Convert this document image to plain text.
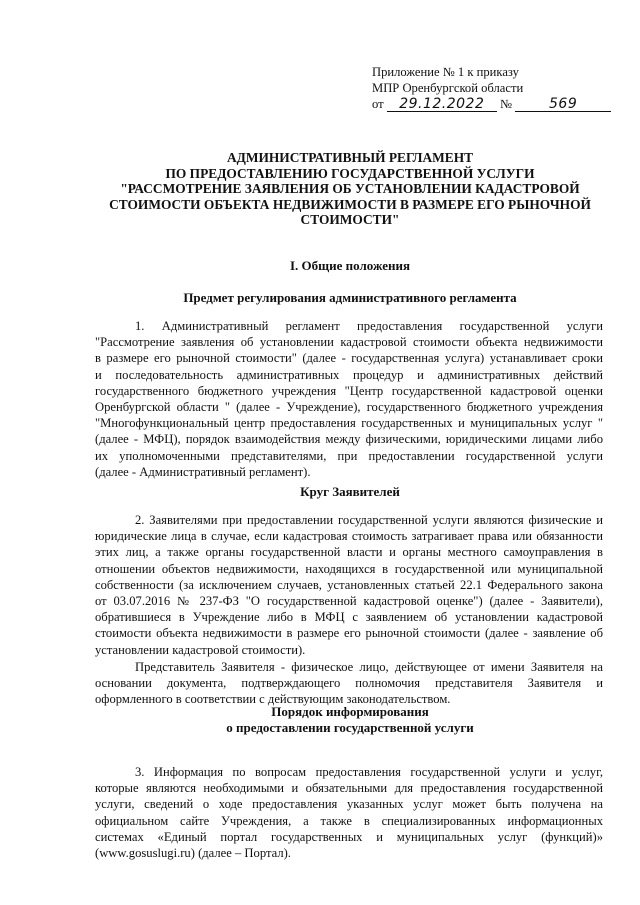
Приложение № 1 к приказу
МПР Оренбургской области
от 29.12.2022 №	569
АДМИНИСТРАТИВНЫЙ РЕГЛАМЕНТ
ПО ПРЕДОСТАВЛЕНИЮ ГОСУДАРСТВЕННОЙ УСЛУГИ
"РАССМОТРЕНИЕ ЗАЯВЛЕНИЯ ОБ УСТАНОВЛЕНИИ КАДАСТРОВОЙ
СТОИМОСТИ ОБЪЕКТА НЕДВИЖИМОСТИ В РАЗМЕРЕ ЕГО РЫНОЧНОЙ
СТОИМОСТИ"
I. Общие положения
Предмет регулирования административного регламента
1. Административный регламент предоставления государственной услуги
"Рассмотрение заявления об установлении кадастровой стоимости объекта недвижимости
в размере его рыночной стоимости" (далее - государственная услуга) устанавливает сроки
и последовательность административных процедур и административных действий
государственного бюджетного учреждения "Центр государственной кадастровой оценки
Оренбургской области " (далее - Учреждение), государственного бюджетного учреждения
"Многофункциональный центр предоставления государственных и муниципальных услуг "
(далее - МФЦ), порядок взаимодействия между физическими, юридическими лицами либо
их уполномоченными представителями, при предоставлении государственной услуги
(далее - Административный регламент).
Круг Заявителей
2. Заявителями при предоставлении государственной услуги являются физические и
юридические лица в случае, если кадастровая стоимость затрагивает права или обязанности
этих лиц, а также органы государственной власти и органы местного самоуправления в
отношении объектов недвижимости, находящихся в государственной или муниципальной
собственности (за исключением случаев, установленных статьей 22.1 Федерального закона
от 03.07.2016 № 237-ФЗ "О государственной кадастровой оценке") (далее - Заявители),
обратившиеся в Учреждение либо в МФЦ с заявлением об установлении кадастровой
стоимости объекта недвижимости в размере его рыночной стоимости (далее - заявление об
установлении кадастровой стоимости).
Представитель Заявителя - физическое лицо, действующее от имени Заявителя на
основании документа, подтверждающего полномочия представителя Заявителя и
оформленного в соответствии с действующим законодательством.
Порядок информирования
о предоставлении государственной услуги
3. Информация по вопросам предоставления государственной услуги и услуг,
которые являются необходимыми и обязательными для предоставления государственной
услуги, сведений о ходе предоставления указанных услуг может быть получена на
официальном сайте Учреждения, а также в специализированных информационных
системах «Единый портал государственных и муниципальных услуг (функций)»
(www.gosuslugi.ru) (далее – Портал).
